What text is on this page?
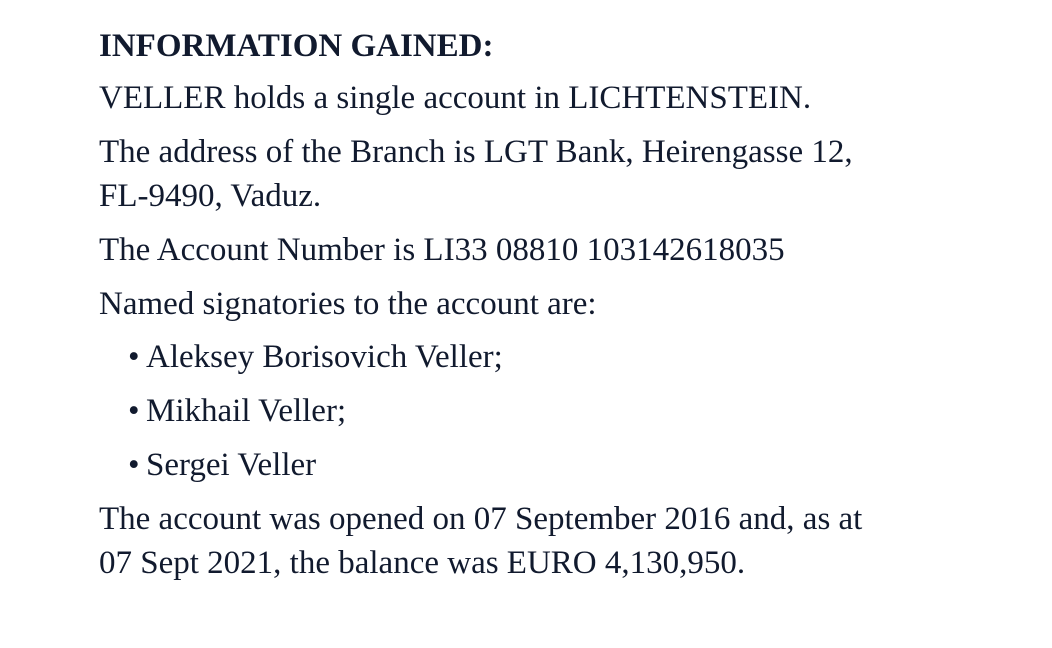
INFORMATION GAINED:
VELLER holds a single account in LICHTENSTEIN.
The address of the Branch is LGT Bank, Heirengasse 12,
FL-9490, Vaduz.
The Account Number is LI33 08810 103142618035
Named signatories to the account are:
• Aleksey Borisovich Veller;
• Mikhail Veller;
• Sergei Veller
The account was opened on 07 September 2016 and, as at
07 Sept 2021, the balance was EURO 4,130,950.
